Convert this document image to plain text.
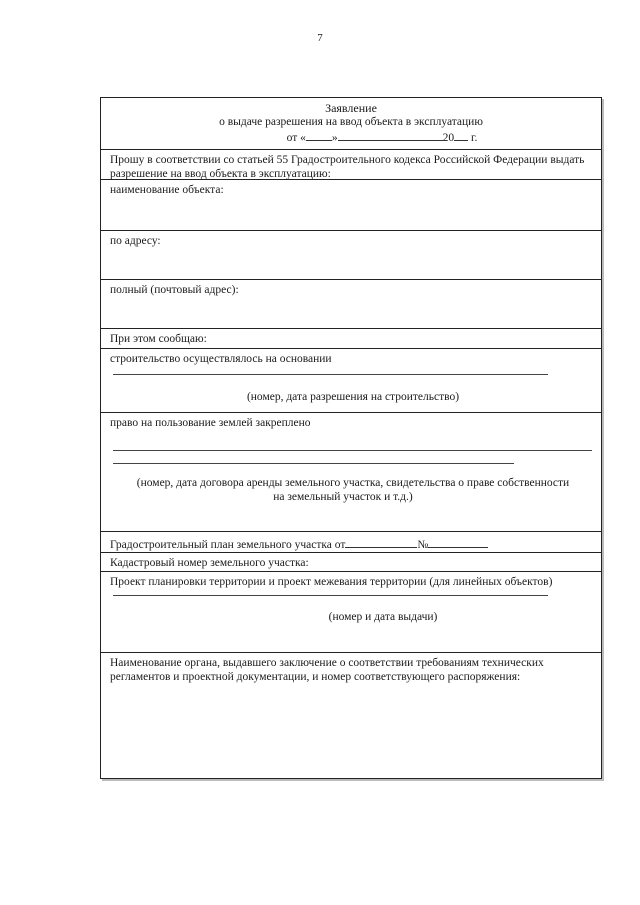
7
Заявление
о выдаче разрешения на ввод объекта в эксплуатацию
от « »	20 г.
Прошу в соответствии со статьей 55 Градостроительного кодекса Российской Федерации выдать разрешение на ввод объекта в эксплуатацию:
наименование объекта:
по адресу:
полный (почтовый адрес):
При этом сообщаю:
строительство осуществлялось на основании
(номер, дата разрешения на строительство)
право на пользование землей закреплено
(номер, дата договора аренды земельного участка, свидетельства о праве собственности
на земельный участок и т.д.)
Градостроительный план земельного участка от	№
Кадастровый номер земельного участка:
Проект планировки территории и проект межевания территории (для линейных объектов)
(номер и дата выдачи)
Наименование органа, выдавшего заключение о соответствии требованиям технических регламентов и проектной документации, и номер соответствующего распоряжения:
